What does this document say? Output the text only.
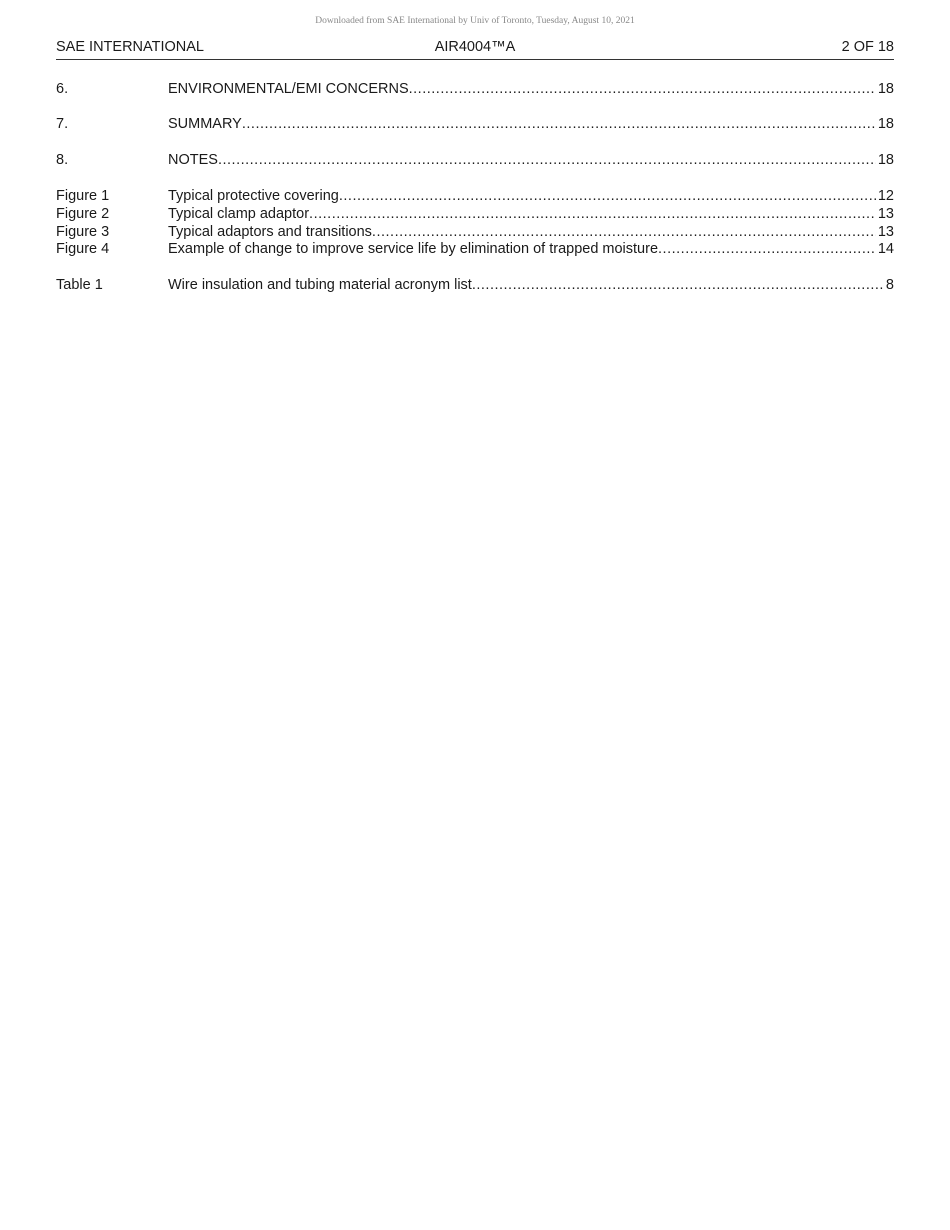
Downloaded from SAE International by Univ of Toronto, Tuesday, August 10, 2021
SAE INTERNATIONAL	AIR4004™A	2 OF 18
6.	ENVIRONMENTAL/EMI CONCERNS .....	18
7.	SUMMARY .....	18
8.	NOTES .....	18
Figure 1	Typical protective covering .....	12
Figure 2	Typical clamp adaptor .....	13
Figure 3	Typical adaptors and transitions .....	13
Figure 4	Example of change to improve service life by elimination of trapped moisture .....	14
Table 1	Wire insulation and tubing material acronym list .....	8
